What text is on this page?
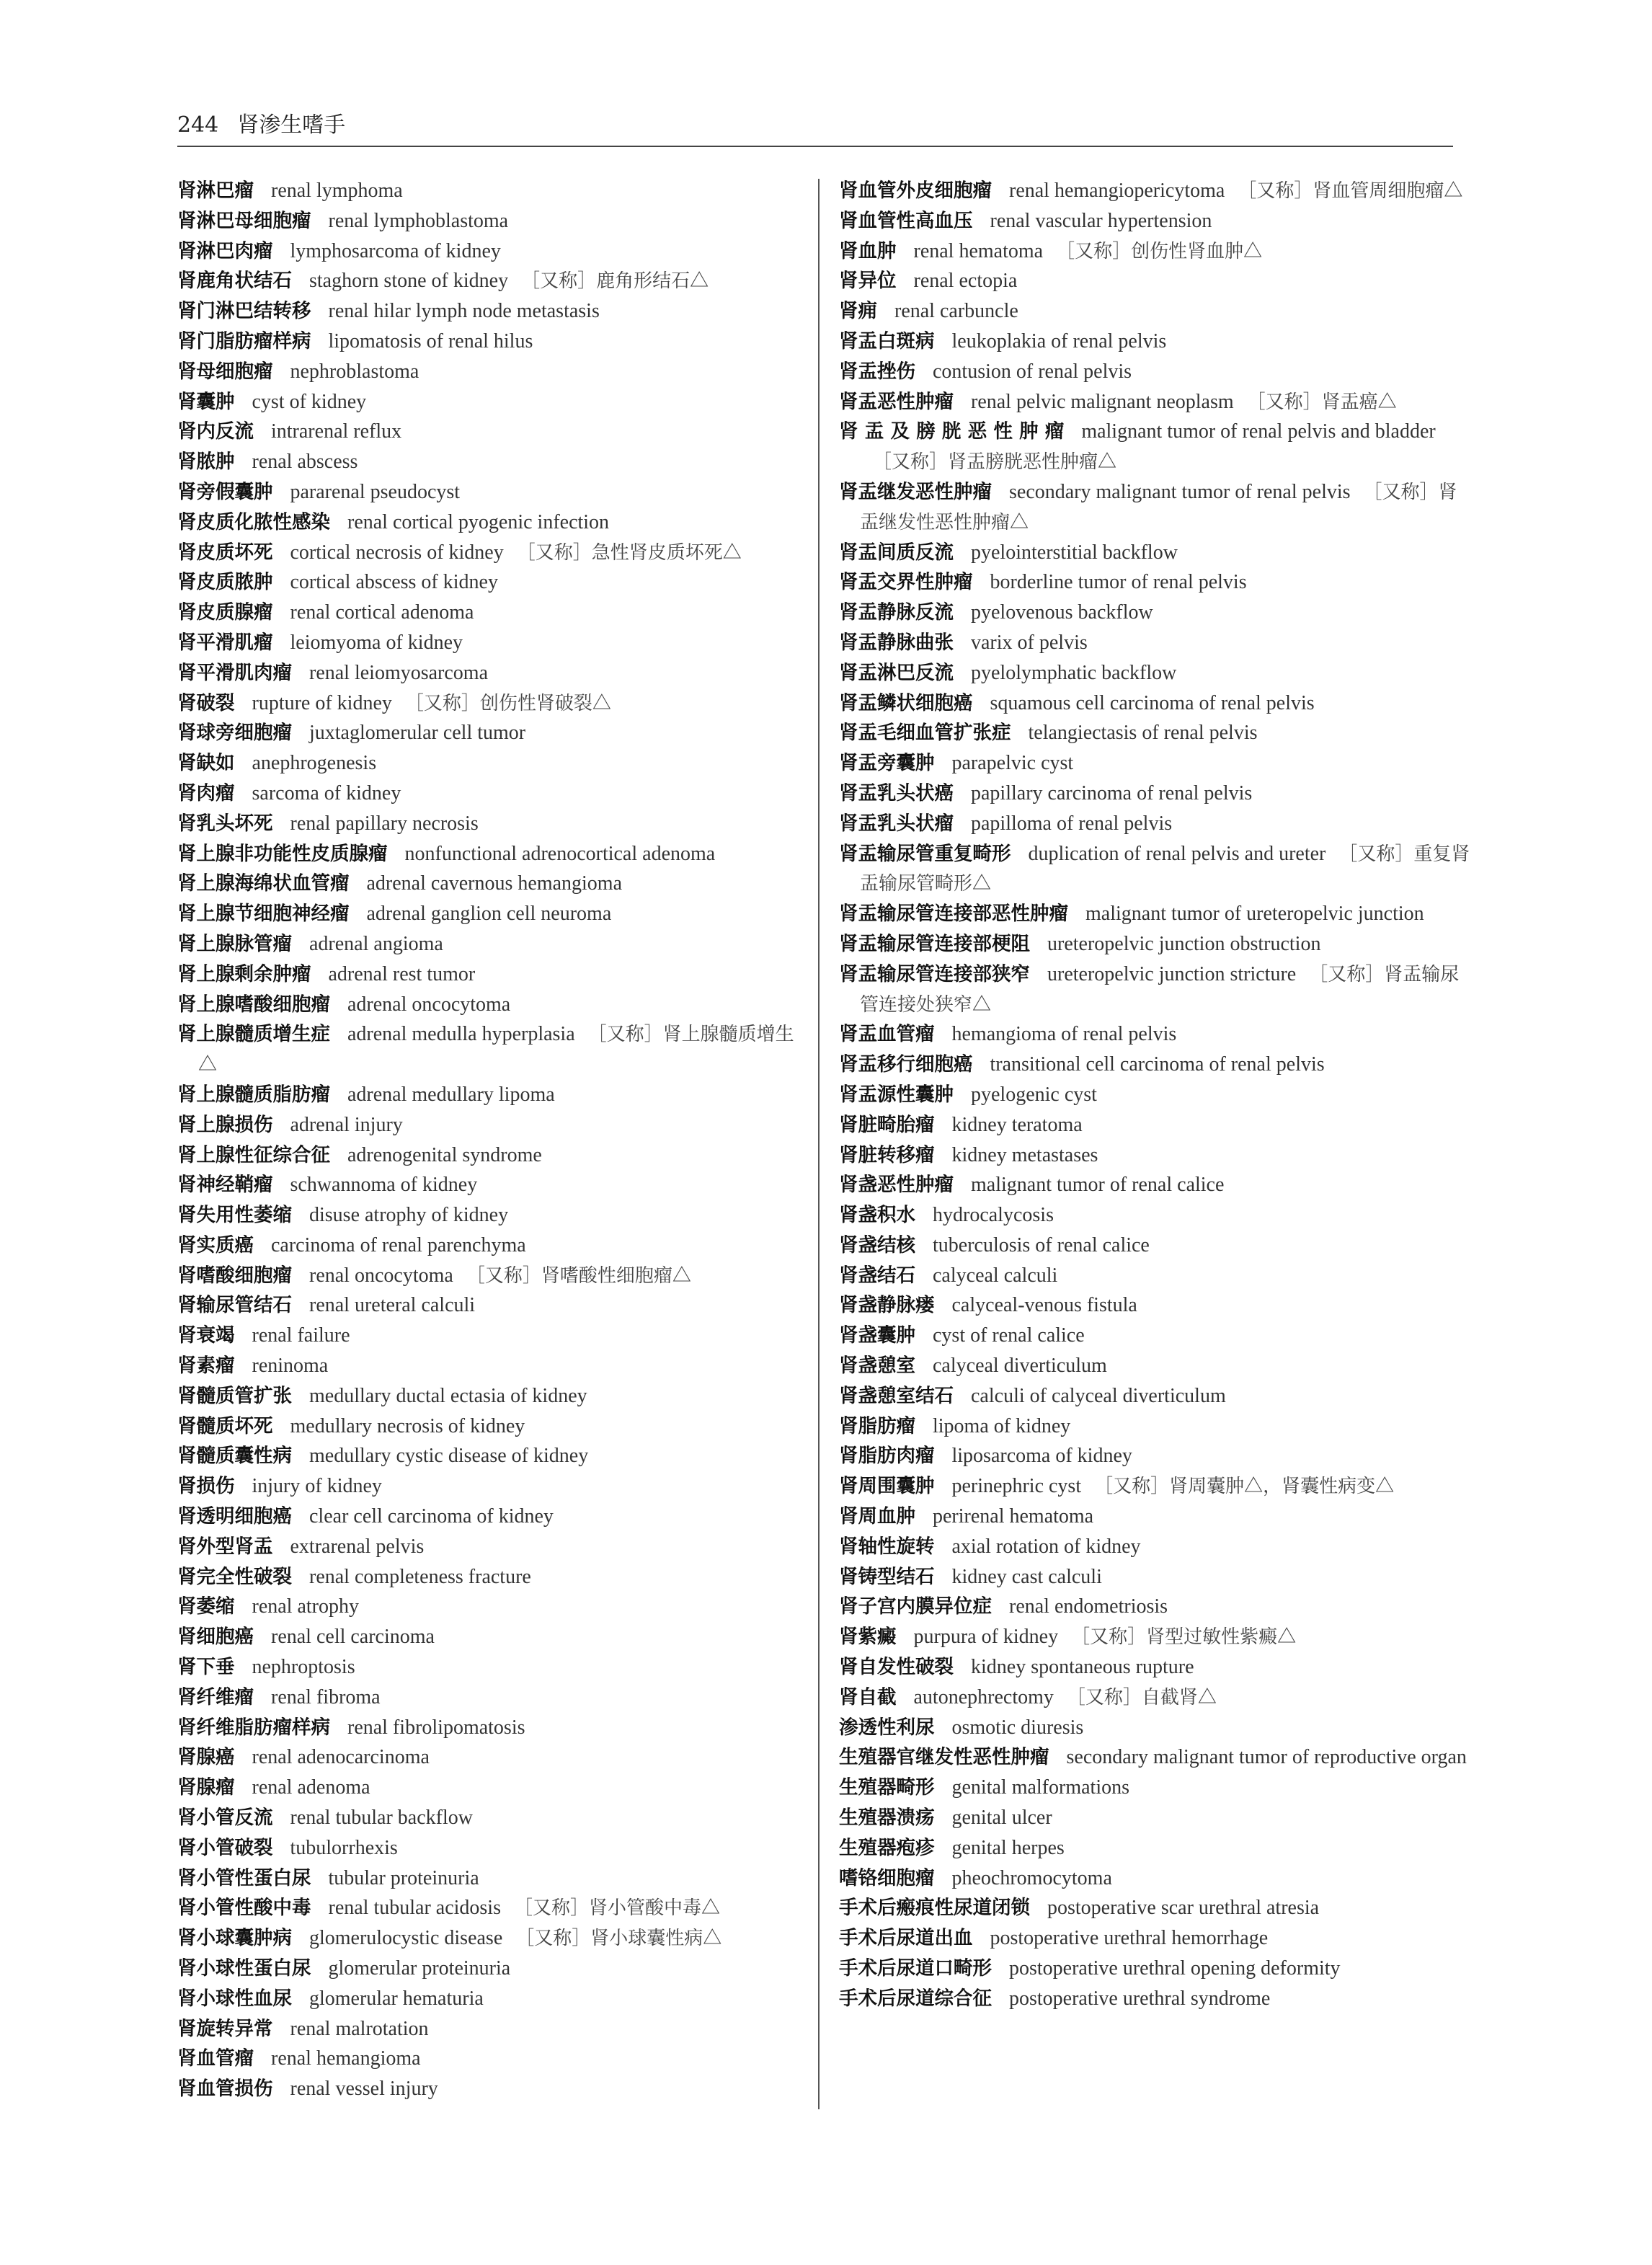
244 肾渗生嗜手
肾淋巴瘤 renal lymphoma
肾淋巴母细胞瘤 renal lymphoblastoma
肾淋巴肉瘤 lymphosarcoma of kidney
肾鹿角状结石 staghorn stone of kidney ［又称］鹿角形结石△
肾门淋巴结转移 renal hilar lymph node metastasis
肾门脂肪瘤样病 lipomatosis of renal hilus
肾母细胞瘤 nephroblastoma
肾囊肿 cyst of kidney
肾内反流 intrarenal reflux
肾脓肿 renal abscess
肾旁假囊肿 pararenal pseudocyst
肾皮质化脓性感染 renal cortical pyogenic infection
肾皮质坏死 cortical necrosis of kidney ［又称］急性肾皮质坏死△
肾皮质脓肿 cortical abscess of kidney
肾皮质腺瘤 renal cortical adenoma
肾平滑肌瘤 leiomyoma of kidney
肾平滑肌肉瘤 renal leiomyosarcoma
肾破裂 rupture of kidney ［又称］创伤性肾破裂△
肾球旁细胞瘤 juxtaglomerular cell tumor
肾缺如 anephrogenesis
肾肉瘤 sarcoma of kidney
肾乳头坏死 renal papillary necrosis
肾上腺非功能性皮质腺瘤 nonfunctional adrenocortical adenoma
肾上腺海绵状血管瘤 adrenal cavernous hemangioma
肾上腺节细胞神经瘤 adrenal ganglion cell neuroma
肾上腺脉管瘤 adrenal angioma
肾上腺剩余肿瘤 adrenal rest tumor
肾上腺嗜酸细胞瘤 adrenal oncocytoma
肾上腺髓质增生症 adrenal medulla hyperplasia ［又称］肾上腺髓质增生△
肾上腺髓质脂肪瘤 adrenal medullary lipoma
肾上腺损伤 adrenal injury
肾上腺性征综合征 adrenogenital syndrome
肾神经鞘瘤 schwannoma of kidney
肾失用性萎缩 disuse atrophy of kidney
肾实质癌 carcinoma of renal parenchyma
肾嗜酸细胞瘤 renal oncocytoma ［又称］肾嗜酸性细胞瘤△
肾输尿管结石 renal ureteral calculi
肾衰竭 renal failure
肾素瘤 reninoma
肾髓质管扩张 medullary ductal ectasia of kidney
肾髓质坏死 medullary necrosis of kidney
肾髓质囊性病 medullary cystic disease of kidney
肾损伤 injury of kidney
肾透明细胞癌 clear cell carcinoma of kidney
肾外型肾盂 extrarenal pelvis
肾完全性破裂 renal completeness fracture
肾萎缩 renal atrophy
肾细胞癌 renal cell carcinoma
肾下垂 nephroptosis
肾纤维瘤 renal fibroma
肾纤维脂肪瘤样病 renal fibrolipomatosis
肾腺癌 renal adenocarcinoma
肾腺瘤 renal adenoma
肾小管反流 renal tubular backflow
肾小管破裂 tubulorrhexis
肾小管性蛋白尿 tubular proteinuria
肾小管性酸中毒 renal tubular acidosis ［又称］肾小管酸中毒△
肾小球囊肿病 glomerulocystic disease ［又称］肾小球囊性病△
肾小球性蛋白尿 glomerular proteinuria
肾小球性血尿 glomerular hematuria
肾旋转异常 renal malrotation
肾血管瘤 renal hemangioma
肾血管损伤 renal vessel injury
肾血管外皮细胞瘤 renal hemangiopericytoma ［又称］肾血管周细胞瘤△
肾血管性高血压 renal vascular hypertension
肾血肿 renal hematoma ［又称］创伤性肾血肿△
肾异位 renal ectopia
肾痈 renal carbuncle
肾盂白斑病 leukoplakia of renal pelvis
肾盂挫伤 contusion of renal pelvis
肾盂恶性肿瘤 renal pelvic malignant neoplasm ［又称］肾盂癌△
肾 盂 及 膀 胱 恶 性 肿 瘤 malignant tumor of renal pelvis and bladder［又称］肾盂膀胱恶性肿瘤△
肾盂继发恶性肿瘤 secondary malignant tumor of renal pelvis ［又称］肾盂继发性恶性肿瘤△
肾盂间质反流 pyelointerstitial backflow
肾盂交界性肿瘤 borderline tumor of renal pelvis
肾盂静脉反流 pyelovenous backflow
肾盂静脉曲张 varix of pelvis
肾盂淋巴反流 pyelolymphatic backflow
肾盂鳞状细胞癌 squamous cell carcinoma of renal pelvis
肾盂毛细血管扩张症 telangiectasis of renal pelvis
肾盂旁囊肿 parapelvic cyst
肾盂乳头状癌 papillary carcinoma of renal pelvis
肾盂乳头状瘤 papilloma of renal pelvis
肾盂输尿管重复畸形 duplication of renal pelvis and ureter ［又称］重复肾盂输尿管畸形△
肾盂输尿管连接部恶性肿瘤 malignant tumor of ureteropelvic junction
肾盂输尿管连接部梗阻 ureteropelvic junction obstruction
肾盂输尿管连接部狭窄 ureteropelvic junction stricture ［又称］肾盂输尿管连接处狭窄△
肾盂血管瘤 hemangioma of renal pelvis
肾盂移行细胞癌 transitional cell carcinoma of renal pelvis
肾盂源性囊肿 pyelogenic cyst
肾脏畸胎瘤 kidney teratoma
肾脏转移瘤 kidney metastases
肾盏恶性肿瘤 malignant tumor of renal calice
肾盏积水 hydrocalycosis
肾盏结核 tuberculosis of renal calice
肾盏结石 calyceal calculi
肾盏静脉瘘 calyceal-venous fistula
肾盏囊肿 cyst of renal calice
肾盏憩室 calyceal diverticulum
肾盏憩室结石 calculi of calyceal diverticulum
肾脂肪瘤 lipoma of kidney
肾脂肪肉瘤 liposarcoma of kidney
肾周围囊肿 perinephric cyst ［又称］肾周囊肿△，肾囊性病变△
肾周血肿 perirenal hematoma
肾轴性旋转 axial rotation of kidney
肾铸型结石 kidney cast calculi
肾子宫内膜异位症 renal endometriosis
肾紫癜 purpura of kidney ［又称］肾型过敏性紫癜△
肾自发性破裂 kidney spontaneous rupture
肾自截 autonephrectomy ［又称］自截肾△
渗透性利尿 osmotic diuresis
生殖器官继发性恶性肿瘤 secondary malignant tumor of reproductive organ
生殖器畸形 genital malformations
生殖器溃疡 genital ulcer
生殖器疱疹 genital herpes
嗜铬细胞瘤 pheochromocytoma
手术后瘢痕性尿道闭锁 postoperative scar urethral atresia
手术后尿道出血 postoperative urethral hemorrhage
手术后尿道口畸形 postoperative urethral opening deformity
手术后尿道综合征 postoperative urethral syndrome
